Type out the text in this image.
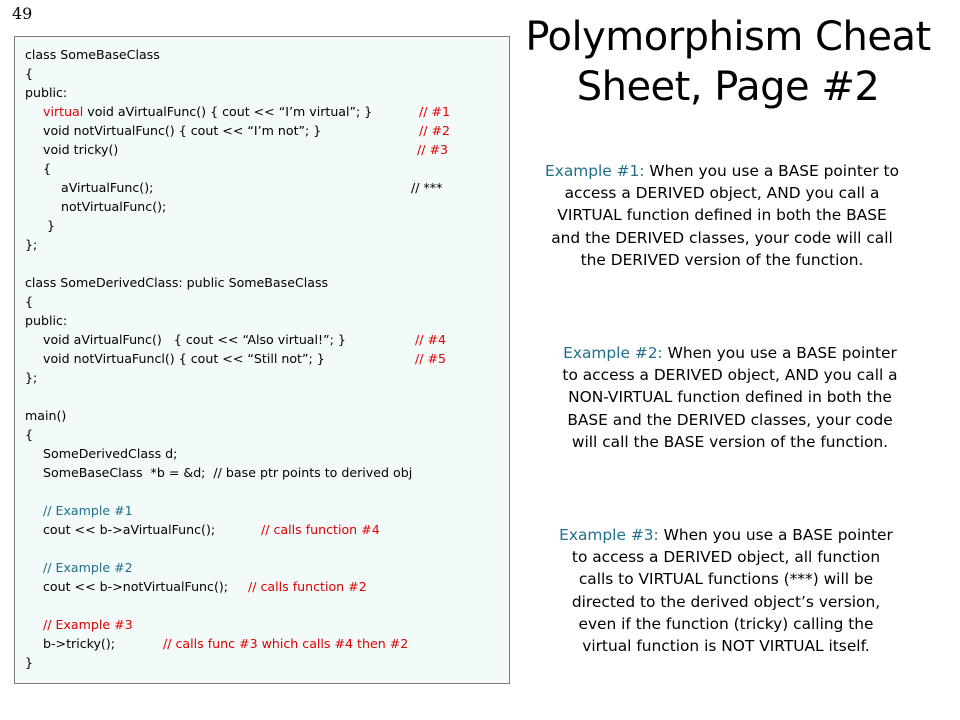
49
class SomeBaseClass
{
public:
virtual void aVirtualFunc() { cout << “I’m virtual”; }	// #1
void notVirtualFunc() { cout << “I’m not”; }	// #2
void tricky()	// #3
{
aVirtualFunc();	// ***
notVirtualFunc();
}
};
class SomeDerivedClass: public SomeBaseClass
{
public:
void aVirtualFunc()   { cout << “Also virtual!”; }	// #4
void notVirtuaFuncl() { cout << “Still not”; }	// #5
};
main()
{
SomeDerivedClass d;
SomeBaseClass  *b = &d;  // base ptr points to derived obj
// Example #1
cout << b->aVirtualFunc();	// calls function #4
// Example #2
cout << b->notVirtualFunc(); // calls function #2
// Example #3
b->tricky();	// calls func #3 which calls #4 then #2
}
Polymorphism Cheat
Sheet, Page #2
Example #1: When you use a BASE pointer to
access a DERIVED object, AND you call a
VIRTUAL function defined in both the BASE
and the DERIVED classes, your code will call
the DERIVED version of the function.
Example #2: When you use a BASE pointer
to access a DERIVED object, AND you call a
NON-VIRTUAL function defined in both the
BASE and the DERIVED classes, your code
will call the BASE version of the function.
Example #3: When you use a BASE pointer
to access a DERIVED object, all function
calls to VIRTUAL functions (***) will be
directed to the derived object’s version,
even if the function (tricky) calling the
virtual function is NOT VIRTUAL itself.
